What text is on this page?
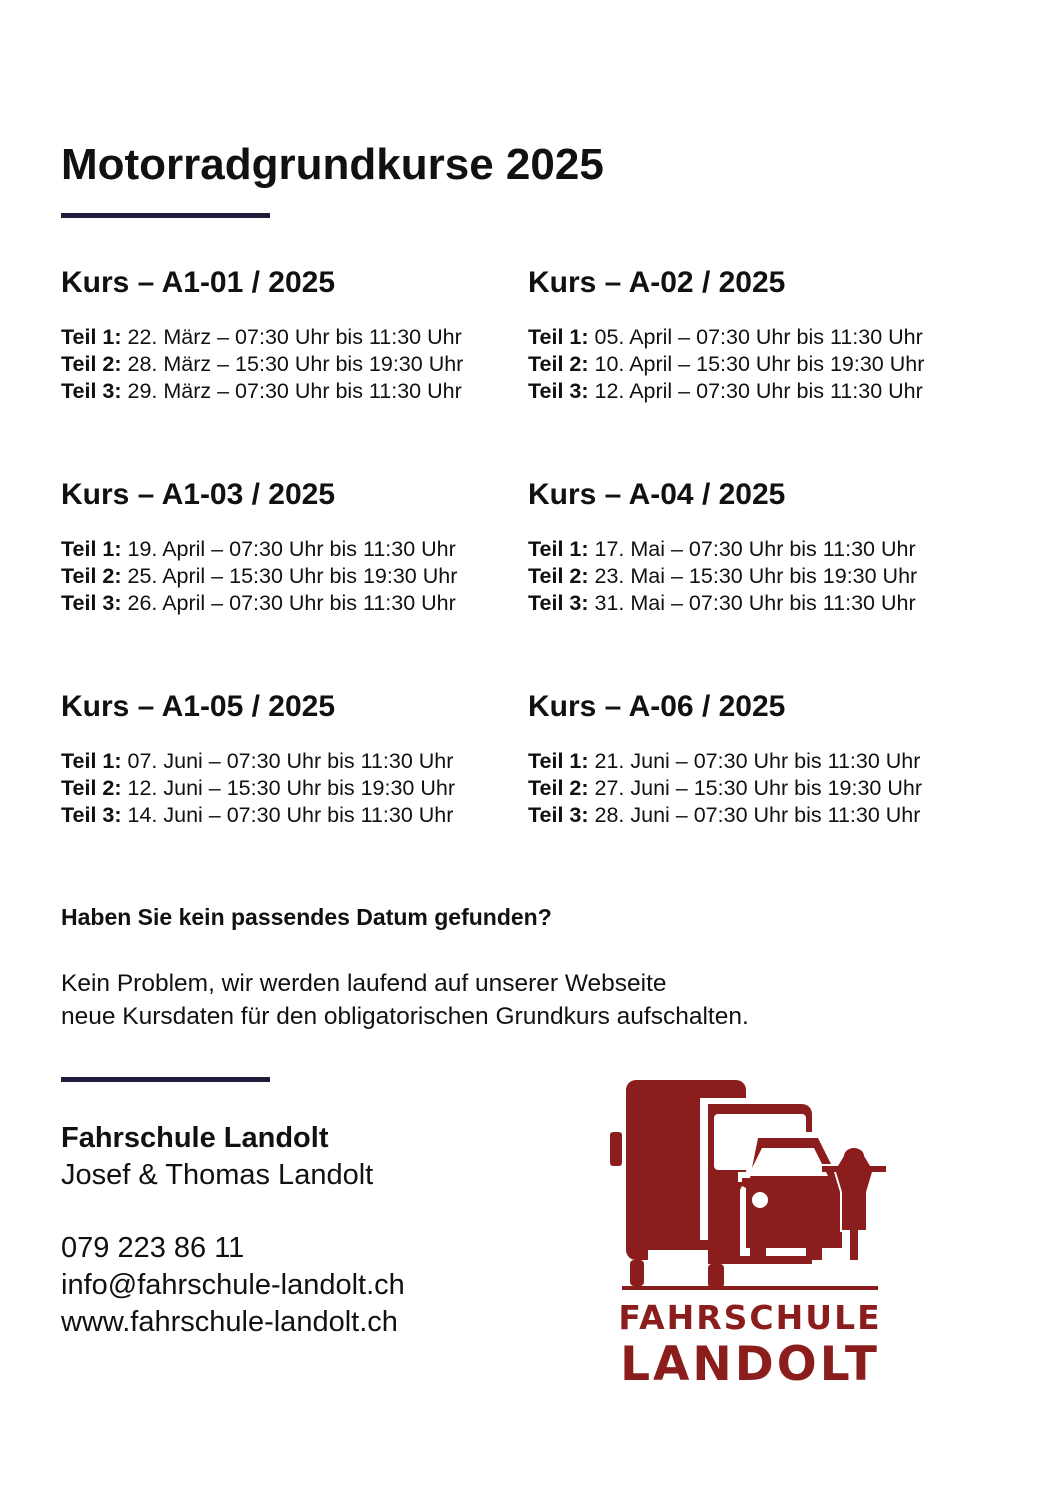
Motorradgrundkurse 2025
Kurs – A1-01 / 2025
Teil 1: 22. März – 07:30 Uhr bis 11:30 Uhr
Teil 2: 28. März – 15:30 Uhr bis 19:30 Uhr
Teil 3: 29. März – 07:30 Uhr bis 11:30 Uhr
Kurs – A-02 / 2025
Teil 1: 05. April – 07:30 Uhr bis 11:30 Uhr
Teil 2: 10. April – 15:30 Uhr bis 19:30 Uhr
Teil 3: 12. April – 07:30 Uhr bis 11:30 Uhr
Kurs – A1-03 / 2025
Teil 1: 19. April – 07:30 Uhr bis 11:30 Uhr
Teil 2: 25. April – 15:30 Uhr bis 19:30 Uhr
Teil 3: 26. April – 07:30 Uhr bis 11:30 Uhr
Kurs – A-04 / 2025
Teil 1: 17. Mai – 07:30 Uhr bis 11:30 Uhr
Teil 2: 23. Mai – 15:30 Uhr bis 19:30 Uhr
Teil 3: 31. Mai – 07:30 Uhr bis 11:30 Uhr
Kurs – A1-05 / 2025
Teil 1: 07. Juni – 07:30 Uhr bis 11:30 Uhr
Teil 2: 12. Juni – 15:30 Uhr bis 19:30 Uhr
Teil 3: 14. Juni – 07:30 Uhr bis 11:30 Uhr
Kurs – A-06 / 2025
Teil 1: 21. Juni – 07:30 Uhr bis 11:30 Uhr
Teil 2: 27. Juni – 15:30 Uhr bis 19:30 Uhr
Teil 3: 28. Juni – 07:30 Uhr bis 11:30 Uhr
Haben Sie kein passendes Datum gefunden?
Kein Problem, wir werden laufend auf unserer Webseite
neue Kursdaten für den obligatorischen Grundkurs aufschalten.
Fahrschule Landolt
Josef & Thomas Landolt
079 223 86 11
info@fahrschule-landolt.ch
www.fahrschule-landolt.ch	FAHRSCHULE
LANDOLT
